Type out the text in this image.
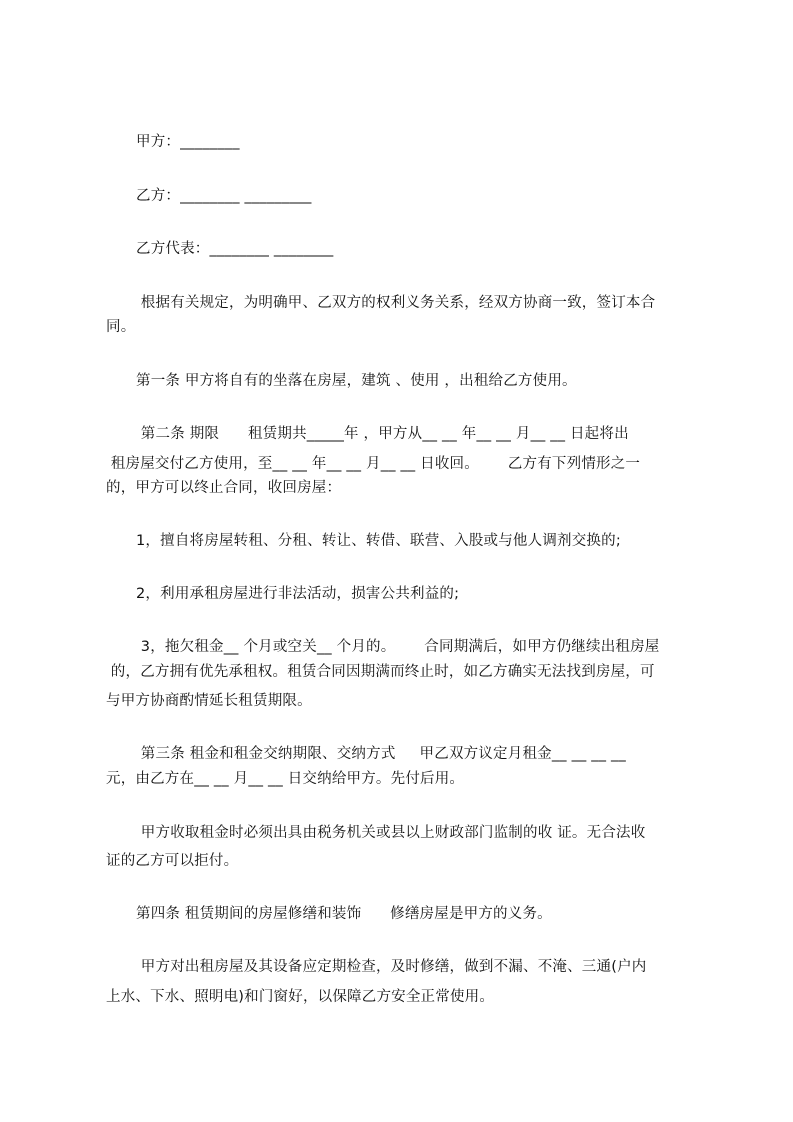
甲方：________
乙方：________ _________
乙方代表：________ ________
根据有关规定，为明确甲、乙双方的权利义务关系，经双方协商一致，签订本合
同。
第一条 甲方将自有的坐落在房屋，建筑 、使用 ，出租给乙方使用。
第二条 期限      租赁期共_____年 ，甲方从__ __ 年__ __ 月__ __ 日起将出
租房屋交付乙方使用，至__ __ 年__ __ 月__ __ 日收回。      乙方有下列情形之一
的，甲方可以终止合同，收回房屋：
1，擅自将房屋转租、分租、转让、转借、联营、入股或与他人调剂交换的;
2，利用承租房屋进行非法活动，损害公共利益的;
3，拖欠租金__ 个月或空关__ 个月的。      合同期满后，如甲方仍继续出租房屋
的，乙方拥有优先承租权。租赁合同因期满而终止时，如乙方确实无法找到房屋，可
与甲方协商酌情延长租赁期限。
第三条 租金和租金交纳期限、交纳方式     甲乙双方议定月租金__ __ __ __
元，由乙方在__ __ 月__ __ 日交纳给甲方。先付后用。
甲方收取租金时必须出具由税务机关或县以上财政部门监制的收 证。无合法收
证的乙方可以拒付。
第四条 租赁期间的房屋修缮和装饰      修缮房屋是甲方的义务。
甲方对出租房屋及其设备应定期检查，及时修缮，做到不漏、不淹、三通(户内
上水、下水、照明电)和门窗好，以保障乙方安全正常使用。
